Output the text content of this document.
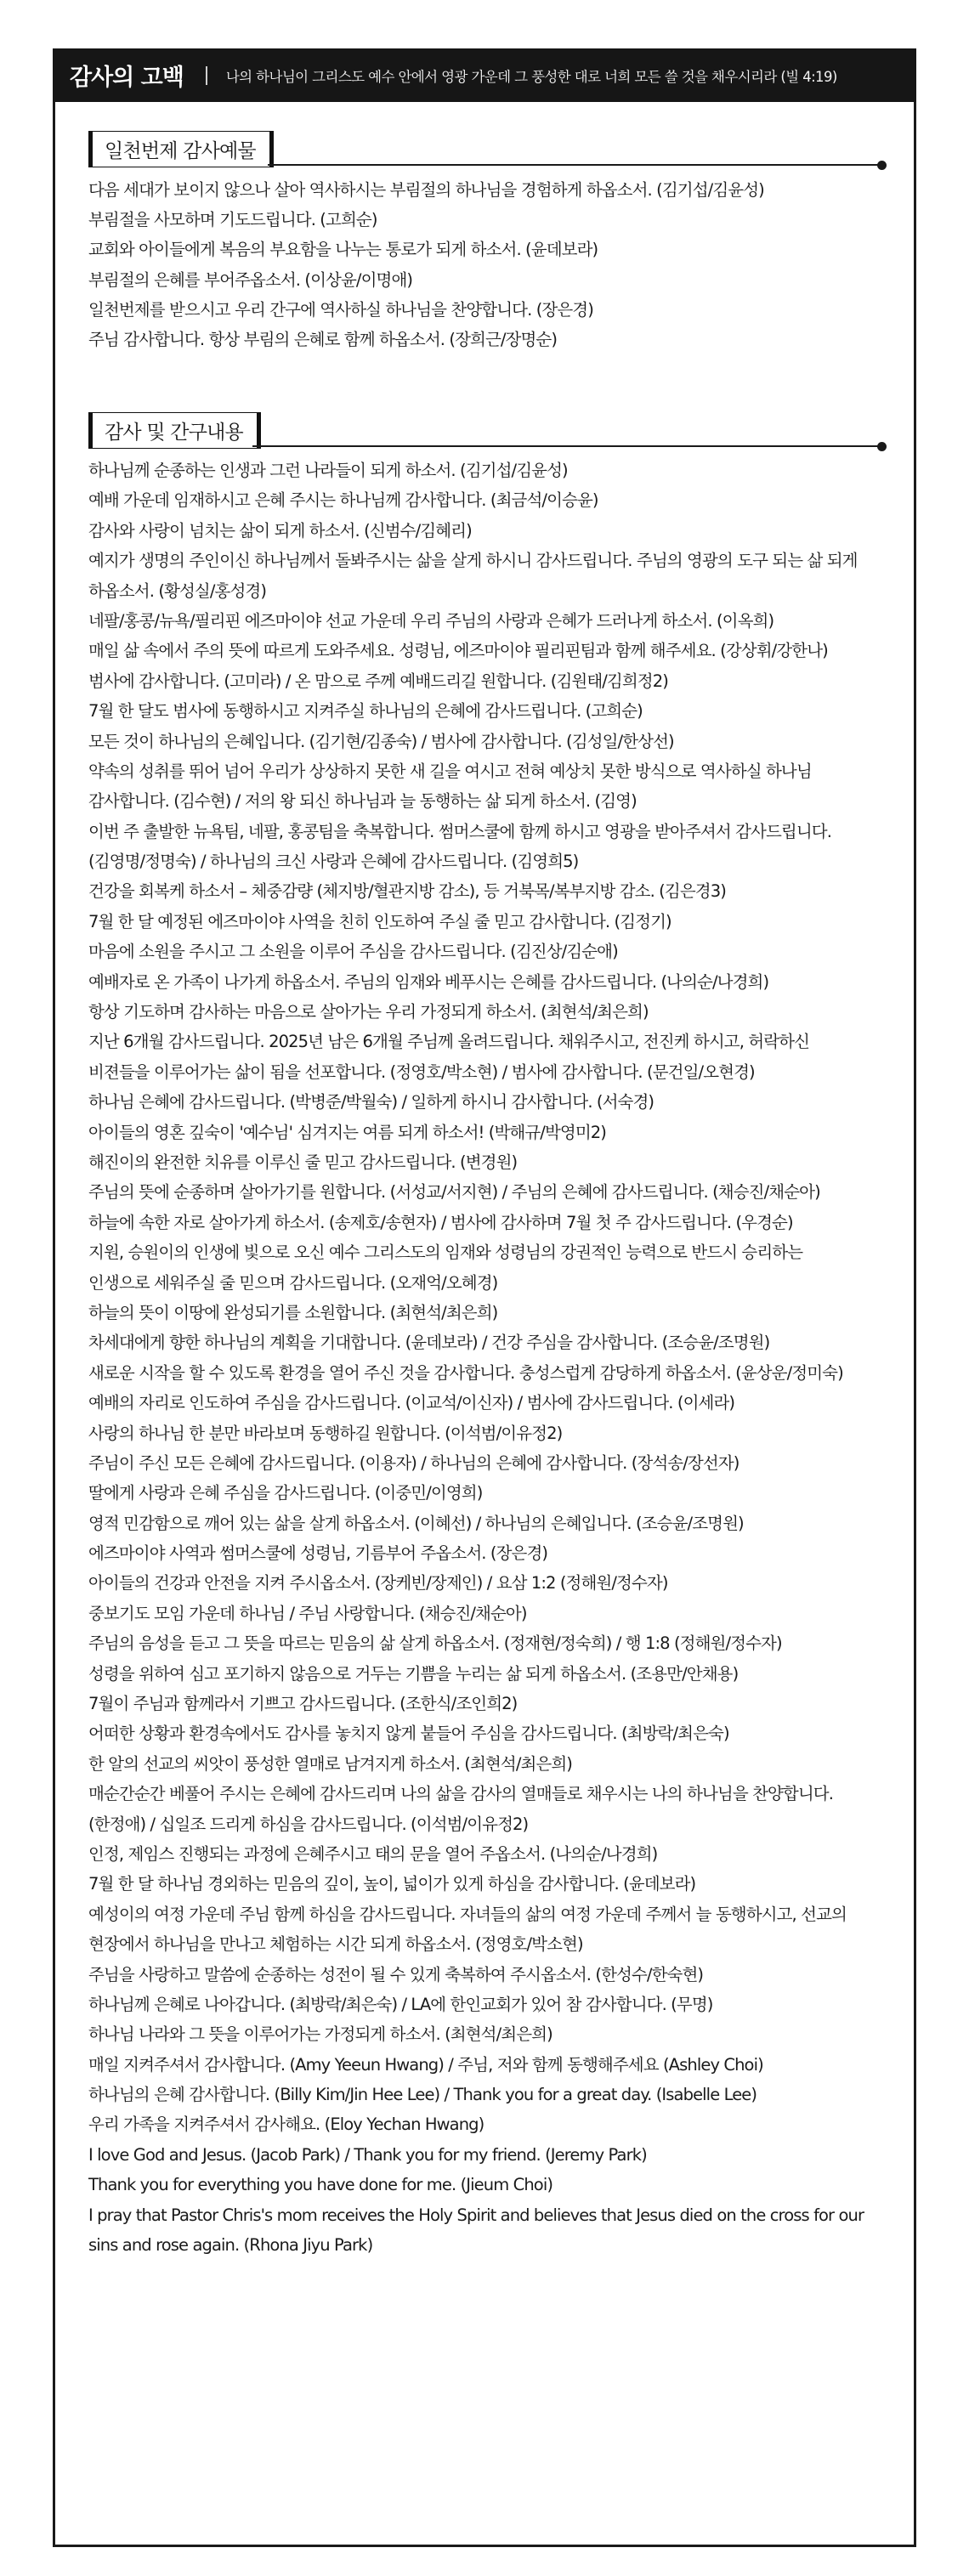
감사의 고백	나의 하나님이 그리스도 예수 안에서 영광 가운데 그 풍성한 대로 너희 모든 쓸 것을 채우시리라 (빌 4:19)
일천번제 감사예물
다음 세대가 보이지 않으나 살아 역사하시는 부림절의 하나님을 경험하게 하옵소서. (김기섭/김윤성)
부림절을 사모하며 기도드립니다. (고희순)
교회와 아이들에게 복음의 부요함을 나누는 통로가 되게 하소서. (윤데보라)
부림절의 은혜를 부어주옵소서. (이상윤/이명애)
일천번제를 받으시고 우리 간구에 역사하실 하나님을 찬양합니다. (장은경)
주님 감사합니다. 항상 부림의 은혜로 함께 하옵소서. (장희근/장명순)
감사 및 간구내용
하나님께 순종하는 인생과 그런 나라들이 되게 하소서. (김기섭/김윤성)
예배 가운데 임재하시고 은혜 주시는 하나님께 감사합니다. (최금석/이승윤)
감사와 사랑이 넘치는 삶이 되게 하소서. (신범수/김혜리)
예지가 생명의 주인이신 하나님께서 돌봐주시는 삶을 살게 하시니 감사드립니다. 주님의 영광의 도구 되는 삶 되게
하옵소서. (황성실/홍성경)
네팔/홍콩/뉴욕/필리핀 에즈마이야 선교 가운데 우리 주님의 사랑과 은혜가 드러나게 하소서. (이옥희)
매일 삶 속에서 주의 뜻에 따르게 도와주세요. 성령님, 에즈마이야 필리핀팀과 함께 해주세요. (강상휘/강한나)
범사에 감사합니다. (고미라) / 온 맘으로 주께 예배드리길 원합니다. (김원태/김희정2)
7월 한 달도 범사에 동행하시고 지켜주실 하나님의 은혜에 감사드립니다. (고희순)
모든 것이 하나님의 은혜입니다. (김기현/김종숙) / 범사에 감사합니다. (김성일/한상선)
약속의 성취를 뛰어 넘어 우리가 상상하지 못한 새 길을 여시고 전혀 예상치 못한 방식으로 역사하실 하나님
감사합니다. (김수현) / 저의 왕 되신 하나님과 늘 동행하는 삶 되게 하소서. (김영)
이번 주 출발한 뉴욕팀, 네팔, 홍콩팀을 축복합니다. 썸머스쿨에 함께 하시고 영광을 받아주셔서 감사드립니다.
(김영명/정명숙) / 하나님의 크신 사랑과 은혜에 감사드립니다. (김영희5)
건강을 회복케 하소서 – 체중감량 (체지방/혈관지방 감소), 등 거북목/복부지방 감소. (김은경3)
7월 한 달 예정된 에즈마이야 사역을 친히 인도하여 주실 줄 믿고 감사합니다. (김정기)
마음에 소원을 주시고 그 소원을 이루어 주심을 감사드립니다. (김진상/김순애)
예배자로 온 가족이 나가게 하옵소서. 주님의 임재와 베푸시는 은혜를 감사드립니다. (나의순/나경희)
항상 기도하며 감사하는 마음으로 살아가는 우리 가정되게 하소서. (최현석/최은희)
지난 6개월 감사드립니다. 2025년 남은 6개월 주님께 올려드립니다. 채워주시고, 전진케 하시고, 허락하신
비젼들을 이루어가는 삶이 됨을 선포합니다. (정영호/박소현) / 범사에 감사합니다. (문건일/오현경)
하나님 은혜에 감사드립니다. (박병준/박월숙) / 일하게 하시니 감사합니다. (서숙경)
아이들의 영혼 깊숙이 '예수님' 심겨지는 여름 되게 하소서! (박해규/박영미2)
해진이의 완전한 치유를 이루신 줄 믿고 감사드립니다. (변경원)
주님의 뜻에 순종하며 살아가기를 원합니다. (서성교/서지현) / 주님의 은혜에 감사드립니다. (채승진/채순아)
하늘에 속한 자로 살아가게 하소서. (송제호/송현자) / 범사에 감사하며 7월 첫 주 감사드립니다. (우경순)
지원, 승원이의 인생에 빛으로 오신 예수 그리스도의 임재와 성령님의 강권적인 능력으로 반드시 승리하는
인생으로 세워주실 줄 믿으며 감사드립니다. (오재억/오혜경)
하늘의 뜻이 이땅에 완성되기를 소원합니다. (최현석/최은희)
차세대에게 향한 하나님의 계획을 기대합니다. (윤데보라) / 건강 주심을 감사합니다. (조승윤/조명원)
새로운 시작을 할 수 있도록 환경을 열어 주신 것을 감사합니다. 충성스럽게 감당하게 하옵소서. (윤상운/정미숙)
예배의 자리로 인도하여 주심을 감사드립니다. (이교석/이신자) / 범사에 감사드립니다. (이세라)
사랑의 하나님 한 분만 바라보며 동행하길 원합니다. (이석범/이유정2)
주님이 주신 모든 은혜에 감사드립니다. (이용자) / 하나님의 은혜에 감사합니다. (장석송/장선자)
딸에게 사랑과 은혜 주심을 감사드립니다. (이중민/이영희)
영적 민감함으로 깨어 있는 삶을 살게 하옵소서. (이혜선) / 하나님의 은혜입니다. (조승윤/조명원)
에즈마이야 사역과 썸머스쿨에 성령님, 기름부어 주옵소서. (장은경)
아이들의 건강과 안전을 지켜 주시옵소서. (장케빈/장제인) / 요삼 1:2 (정해원/정수자)
중보기도 모임 가운데 하나님 / 주님 사랑합니다. (채승진/채순아)
주님의 음성을 듣고 그 뜻을 따르는 믿음의 삶 살게 하옵소서. (정재현/정숙희) / 행 1:8 (정해원/정수자)
성령을 위하여 심고 포기하지 않음으로 거두는 기쁨을 누리는 삶 되게 하옵소서. (조용만/안채용)
7월이 주님과 함께라서 기쁘고 감사드립니다. (조한식/조인희2)
어떠한 상황과 환경속에서도 감사를 놓치지 않게 붙들어 주심을 감사드립니다. (최방락/최은숙)
한 알의 선교의 씨앗이 풍성한 열매로 남겨지게 하소서. (최현석/최은희)
매순간순간 베풀어 주시는 은혜에 감사드리며 나의 삶을 감사의 열매들로 채우시는 나의 하나님을 찬양합니다.
(한정애) / 십일조 드리게 하심을 감사드립니다. (이석범/이유정2)
인정, 제임스 진행되는 과정에 은혜주시고 태의 문을 열어 주옵소서. (나의순/나경희)
7월 한 달 하나님 경외하는 믿음의 깊이, 높이, 넓이가 있게 하심을 감사합니다. (윤데보라)
예성이의 여정 가운데 주님 함께 하심을 감사드립니다. 자녀들의 삶의 여정 가운데 주께서 늘 동행하시고, 선교의
현장에서 하나님을 만나고 체험하는 시간 되게 하옵소서. (정영호/박소현)
주님을 사랑하고 말씀에 순종하는 성전이 될 수 있게 축복하여 주시옵소서. (한성수/한숙현)
하나님께 은혜로 나아갑니다. (최방락/최은숙) / LA에 한인교회가 있어 참 감사합니다. (무명)
하나님 나라와 그 뜻을 이루어가는 가정되게 하소서. (최현석/최은희)
매일 지켜주셔서 감사합니다. (Amy Yeeun Hwang) / 주님, 저와 함께 동행해주세요 (Ashley Choi)
하나님의 은혜 감사합니다. (Billy Kim/Jin Hee Lee) / Thank you for a great day. (Isabelle Lee)
우리 가족을 지켜주셔서 감사해요. (Eloy Yechan Hwang)
I love God and Jesus. (Jacob Park) / Thank you for my friend. (Jeremy Park)
Thank you for everything you have done for me. (Jieum Choi)
I pray that Pastor Chris's mom receives the Holy Spirit and believes that Jesus died on the cross for our
sins and rose again. (Rhona Jiyu Park)
